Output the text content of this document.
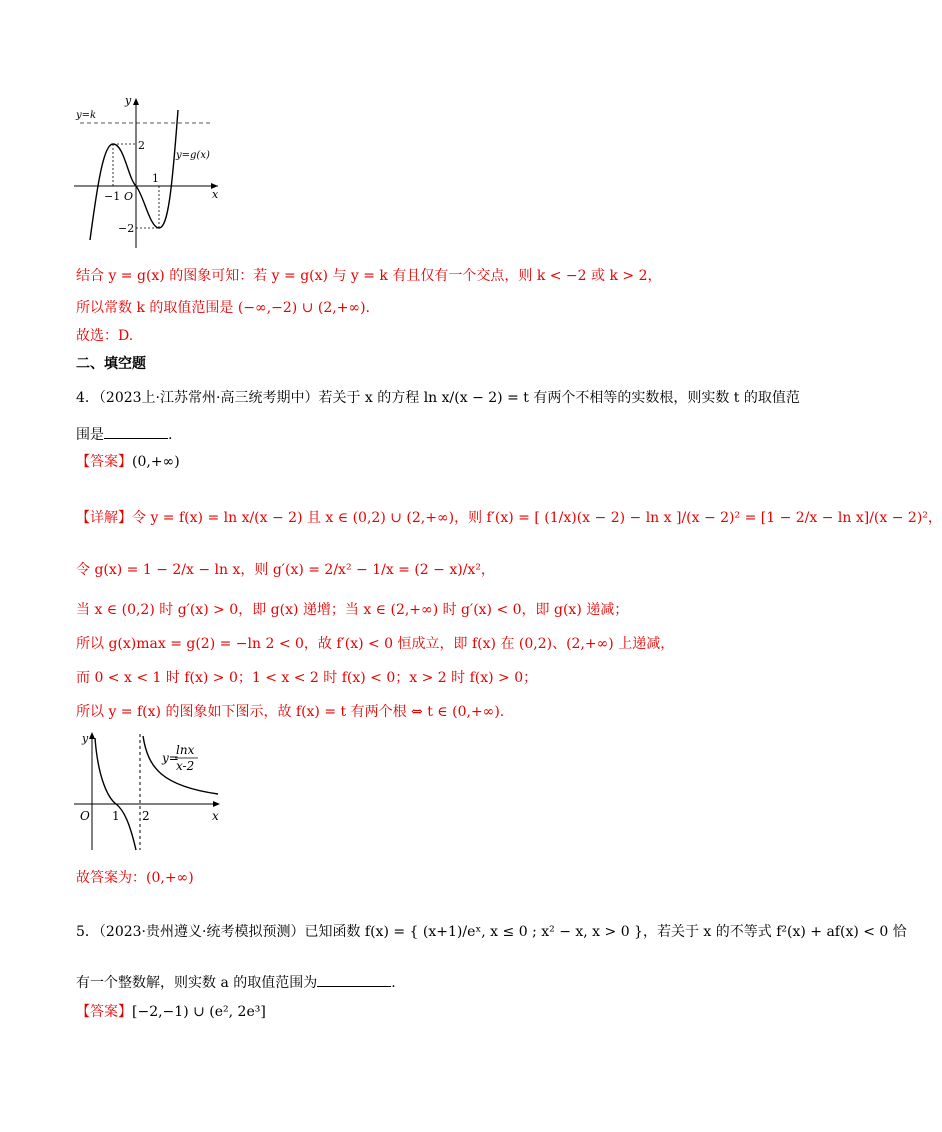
y=k
y
x
O
2
−2
−1
1
y=g(x)
结合 y = g(x) 的图象可知：若 y = g(x) 与 y = k 有且仅有一个交点，则 k < −2 或 k > 2，
所以常数 k 的取值范围是 (−∞,−2) ∪ (2,+∞).
故选：D.
二、填空题
4．（2023上·江苏常州·高三统考期中）若关于 x 的方程 ln x/(x − 2) = t 有两个不相等的实数根，则实数 t 的取值范
围是	.
【答案】(0,+∞)
【详解】令 y = f(x) = ln x/(x − 2) 且 x ∈ (0,2) ∪ (2,+∞)，则 f′(x) = [ (1/x)(x − 2) − ln x ]/(x − 2)² = [1 − 2/x − ln x]/(x − 2)²，
令 g(x) = 1 − 2/x − ln x，则 g′(x) = 2/x² − 1/x = (2 − x)/x²，
当 x ∈ (0,2) 时 g′(x) > 0，即 g(x) 递增；当 x ∈ (2,+∞) 时 g′(x) < 0，即 g(x) 递减；
所以 g(x)max = g(2) = −ln 2 < 0，故 f′(x) < 0 恒成立，即 f(x) 在 (0,2)、(2,+∞) 上递减，
而 0 < x < 1 时 f(x) > 0；1 < x < 2 时 f(x) < 0；x > 2 时 f(x) > 0；
所以 y = f(x) 的图象如下图示，故 f(x) = t 有两个根 ⇔ t ∈ (0,+∞).
y
x
O 1 2
y=
lnx
x-2
故答案为：(0,+∞)
5．（2023·贵州遵义·统考模拟预测）已知函数 f(x) = { (x+1)/eˣ, x ≤ 0 ; x² − x, x > 0 }，若关于 x 的不等式 f²(x) + af(x) < 0 恰
有一个整数解，则实数 a 的取值范围为	.
【答案】[−2,−1) ∪ (e², 2e³]
